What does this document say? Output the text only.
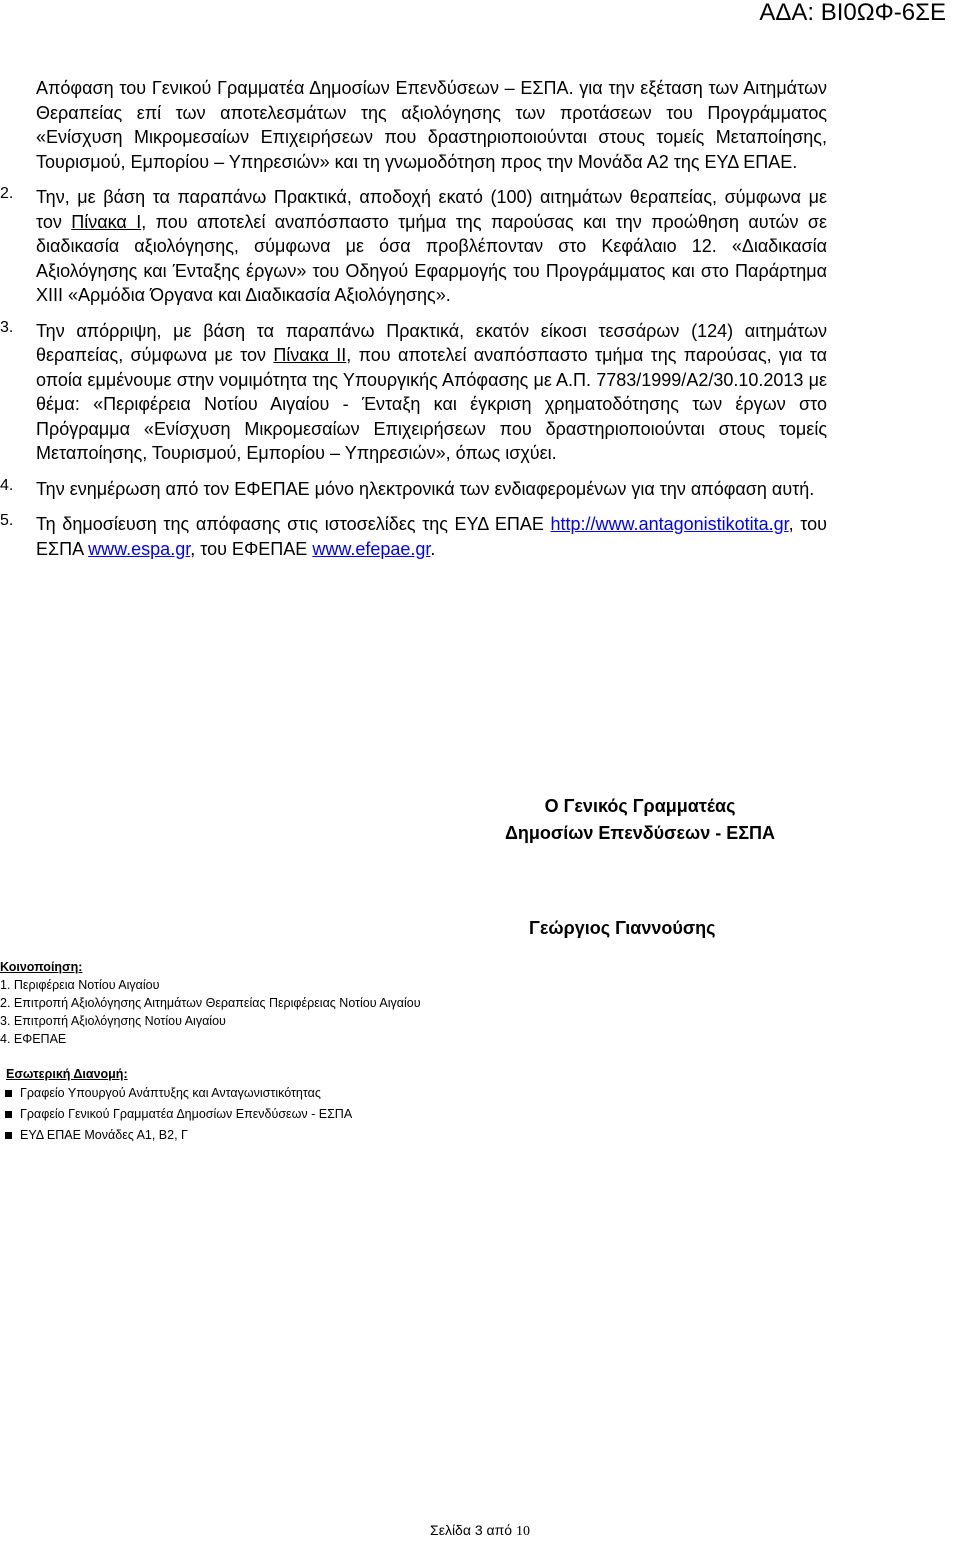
ΑΔΑ: ΒΙ0ΩΦ-6ΣΕ

Απόφαση του Γενικού Γραμματέα Δημοσίων Επενδύσεων – ΕΣΠΑ. για την εξέταση των Αιτημάτων Θεραπείας επί των αποτελεσμάτων της αξιολόγησης των προτάσεων του Προγράμματος «Ενίσχυση Μικρομεσαίων Επιχειρήσεων που δραστηριοποιούνται στους τομείς Μεταποίησης, Τουρισμού, Εμπορίου – Υπηρεσιών» και τη γνωμοδότηση προς την Μονάδα Α2 της ΕΥΔ ΕΠΑΕ.

2.	Την, με βάση τα παραπάνω Πρακτικά, αποδοχή εκατό (100) αιτημάτων θεραπείας, σύμφωνα με τον Πίνακα I, που αποτελεί αναπόσπαστο τμήμα της παρούσας και την προώθηση αυτών σε διαδικασία αξιολόγησης, σύμφωνα με όσα προβλέπονταν στο Κεφάλαιο 12. «Διαδικασία Αξιολόγησης και Ένταξης έργων» του Οδηγού Εφαρμογής του Προγράμματος και στο Παράρτημα XIII «Αρμόδια Όργανα και Διαδικασία Αξιολόγησης».
3.	Την απόρριψη, με βάση τα παραπάνω Πρακτικά, εκατόν είκοσι τεσσάρων (124) αιτημάτων θεραπείας, σύμφωνα με τον Πίνακα II, που αποτελεί αναπόσπαστο τμήμα της παρούσας, για τα οποία εμμένουμε στην νομιμότητα της Υπουργικής Απόφασης με Α.Π. 7783/1999/Α2/30.10.2013 με θέμα: «Περιφέρεια Νοτίου Αιγαίου - Ένταξη και έγκριση χρηματοδότησης των έργων στο Πρόγραμμα «Ενίσχυση Μικρομεσαίων Επιχειρήσεων που δραστηριοποιούνται στους τομείς Μεταποίησης, Τουρισμού, Εμπορίου – Υπηρεσιών», όπως ισχύει.
4.	Την ενημέρωση από τον ΕΦΕΠΑΕ μόνο ηλεκτρονικά των ενδιαφερομένων για την απόφαση αυτή.
5.	Τη δημοσίευση της απόφασης στις ιστοσελίδες της ΕΥΔ ΕΠΑΕ http://www.antagonistikotita.gr, του ΕΣΠΑ www.espa.gr, του ΕΦΕΠΑΕ www.efepae.gr.
Ο Γενικός Γραμματέας
Δημοσίων Επενδύσεων - ΕΣΠΑ
Γεώργιος Γιαννούσης
Κοινοποίηση:
1. Περιφέρεια Νοτίου Αιγαίου
2. Επιτροπή Αξιολόγησης Αιτημάτων Θεραπείας Περιφέρειας Νοτίου Αιγαίου
3. Επιτροπή Αξιολόγησης Νοτίου Αιγαίου
4. ΕΦΕΠΑΕ
Εσωτερική Διανομή:
Γραφείο Υπουργού Ανάπτυξης και Ανταγωνιστικότητας
Γραφείο Γενικού Γραμματέα Δημοσίων Επενδύσεων - ΕΣΠΑ
ΕΥΔ ΕΠΑΕ Μονάδες Α1, Β2, Γ
Σελίδα 3 από 10
